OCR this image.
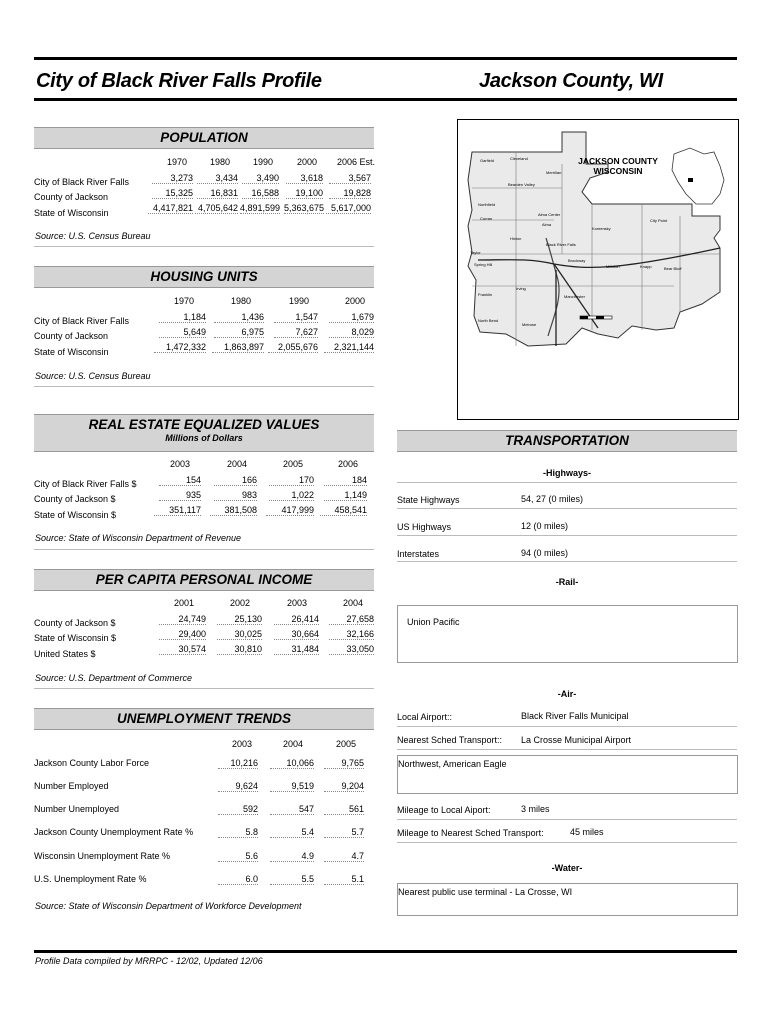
City of Black River Falls Profile	Jackson County, WI
POPULATION
1970	1980	1990	2000	2006 Est.
City of Black River Falls	3,273	3,434	3,490	3,618	3,567
County of Jackson	15,325	16,831	16,588	19,100	19,828
State of Wisconsin	4,417,821 4,705,642 4,891,599 5,363,675 5,617,000
Source: U.S. Census Bureau
HOUSING UNITS
1970	1980	1990	2000
City of Black River Falls	1,184	1,436	1,547	1,679
County of Jackson	5,649	6,975	7,627	8,029
State of Wisconsin	1,472,332	1,863,897	2,055,676	2,321,144
Source: U.S. Census Bureau
REAL ESTATE EQUALIZED VALUES
Millions of Dollars
2003	2004	2005	2006
City of Black River Falls $	154	166	170	184
County of Jackson $	935	983	1,022	1,149
State of Wisconsin $	351,117	381,508	417,999	458,541
Source: State of Wisconsin Department of Revenue
PER CAPITA PERSONAL INCOME
2001	2002	2003	2004
County of Jackson $	24,749	25,130	26,414	27,658
State of Wisconsin $	29,400	30,025	30,664	32,166
United States $	30,574	30,810	31,484	33,050
Source: U.S. Department of Commerce
UNEMPLOYMENT TRENDS
2003	2004	2005
Jackson County Labor Force	10,216	10,066	9,765
Number Employed	9,624	9,519	9,204
Number Unemployed	592	547	561
Jackson County Unemployment Rate %	5.8	5.4	5.7
Wisconsin Unemployment Rate %	5.6	4.9	4.7
U.S. Unemployment Rate %	6.0	5.5	5.1
Source: State of Wisconsin Department of Workforce Development
JACKSON COUNTY
WISCONSIN
Garfield	Cleveland
Bearden Valley
Northfield
Curran
Alma
Hixton
Taylor
Spring Hill
Komensky
City Point
Millston	Knapp	Bear Bluff
Franklin
Irving
Manchester
North Bend
Melrose
Black River Falls
Brockway
Alma Center
Merrillan
TRANSPORTATION
-Highways-
State Highways	54, 27 (0 miles)
US Highways	12 (0 miles)
Interstates	94 (0 miles)
-Rail-
Union Pacific
-Air-
Local Airport::	Black River Falls Municipal
Nearest Sched Transport:: La Crosse Municipal Airport
Northwest, American Eagle
Mileage to Local Aiport:	3 miles
Mileage to Nearest Sched Transport:	45 miles
-Water-
Nearest public use terminal - La Crosse, WI
Profile Data compiled by MRRPC - 12/02, Updated 12/06
